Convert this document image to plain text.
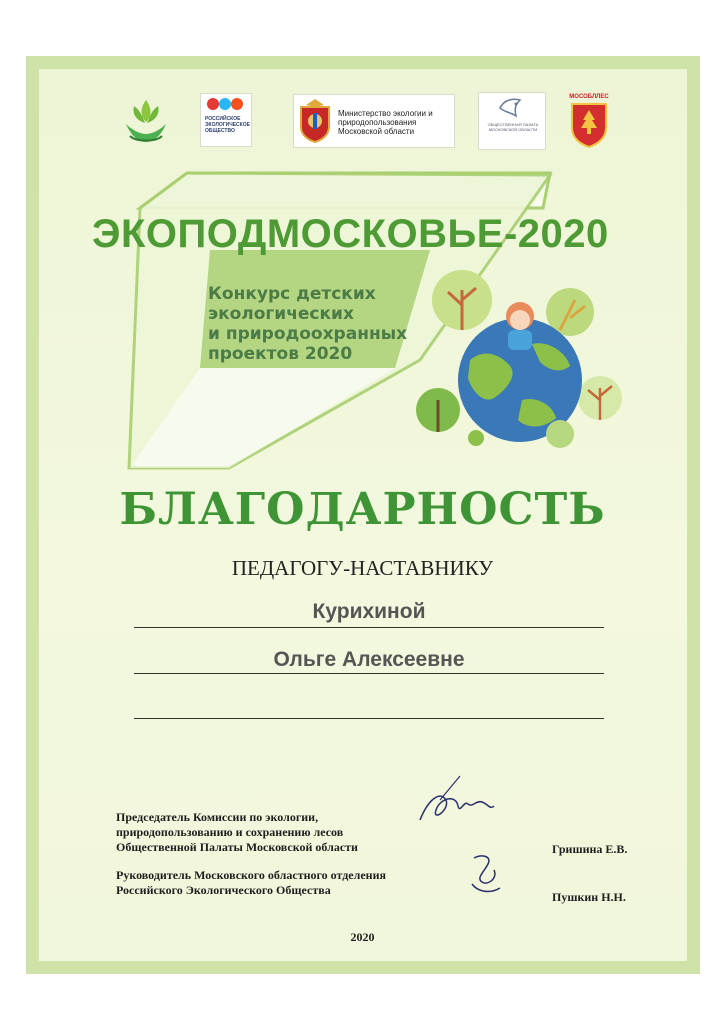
РОССИЙСКОЕ ЭКОЛОГИЧЕСКОЕ ОБЩЕСТВО
Министерство экологии и природопользования Московской области
ОБЩЕСТВЕННАЯ ПАЛАТА МОСКОВСКОЙ ОБЛАСТИ
МОСОБЛЛЕС
ЭКОПОДМОСКОВЬЕ-2020
Конкурс детских
экологических
и природоохранных
проектов 2020
БЛАГОДАРНОСТЬ
ПЕДАГОГУ-НАСТАВНИКУ
Курихиной
Ольге Алексеевне
Председатель Комиссии по экологии,
природопользованию и сохранению лесов
Общественной Палаты Московской области	Гришина Е.В.
Руководитель Московского областного отделения
Российского Экологического Общества	Пушкин Н.Н.
2020
